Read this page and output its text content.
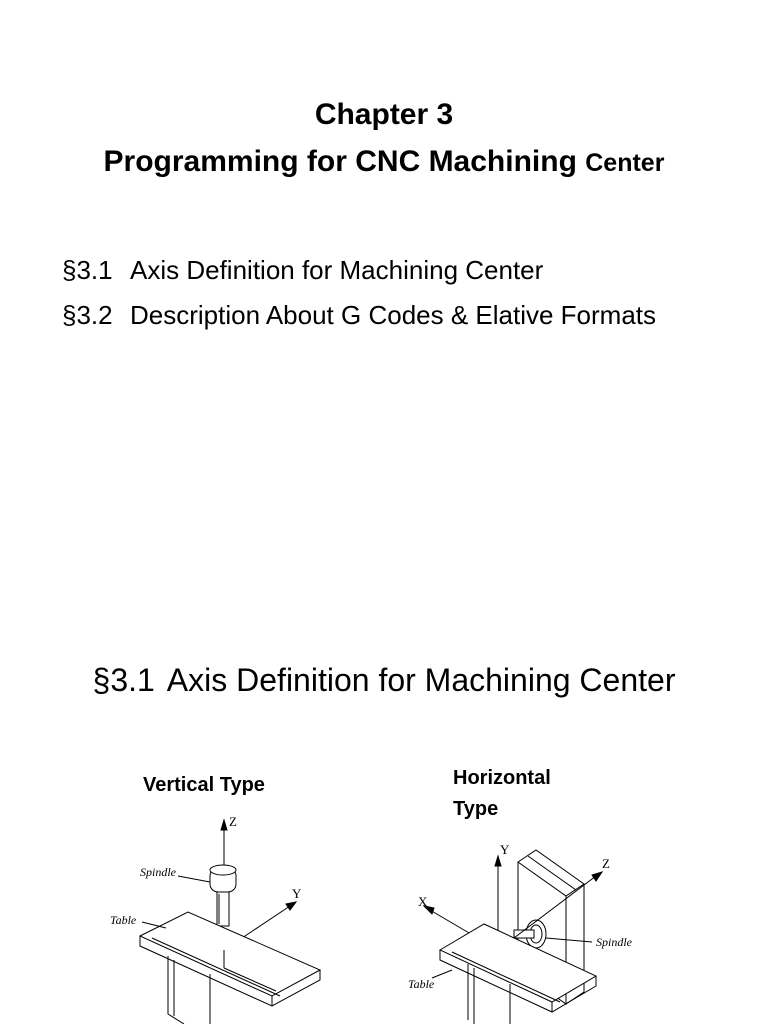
Chapter 3
Programming for CNC Machining Center
§3.1 Axis Definition for Machining Center
§3.2 Description About G Codes & Elative Formats
§3.1 Axis Definition for Machining Center
Vertical Type	Horizontal Type
Z
Y
Spindle
Table
Y
X
Z
Spindle
Table
